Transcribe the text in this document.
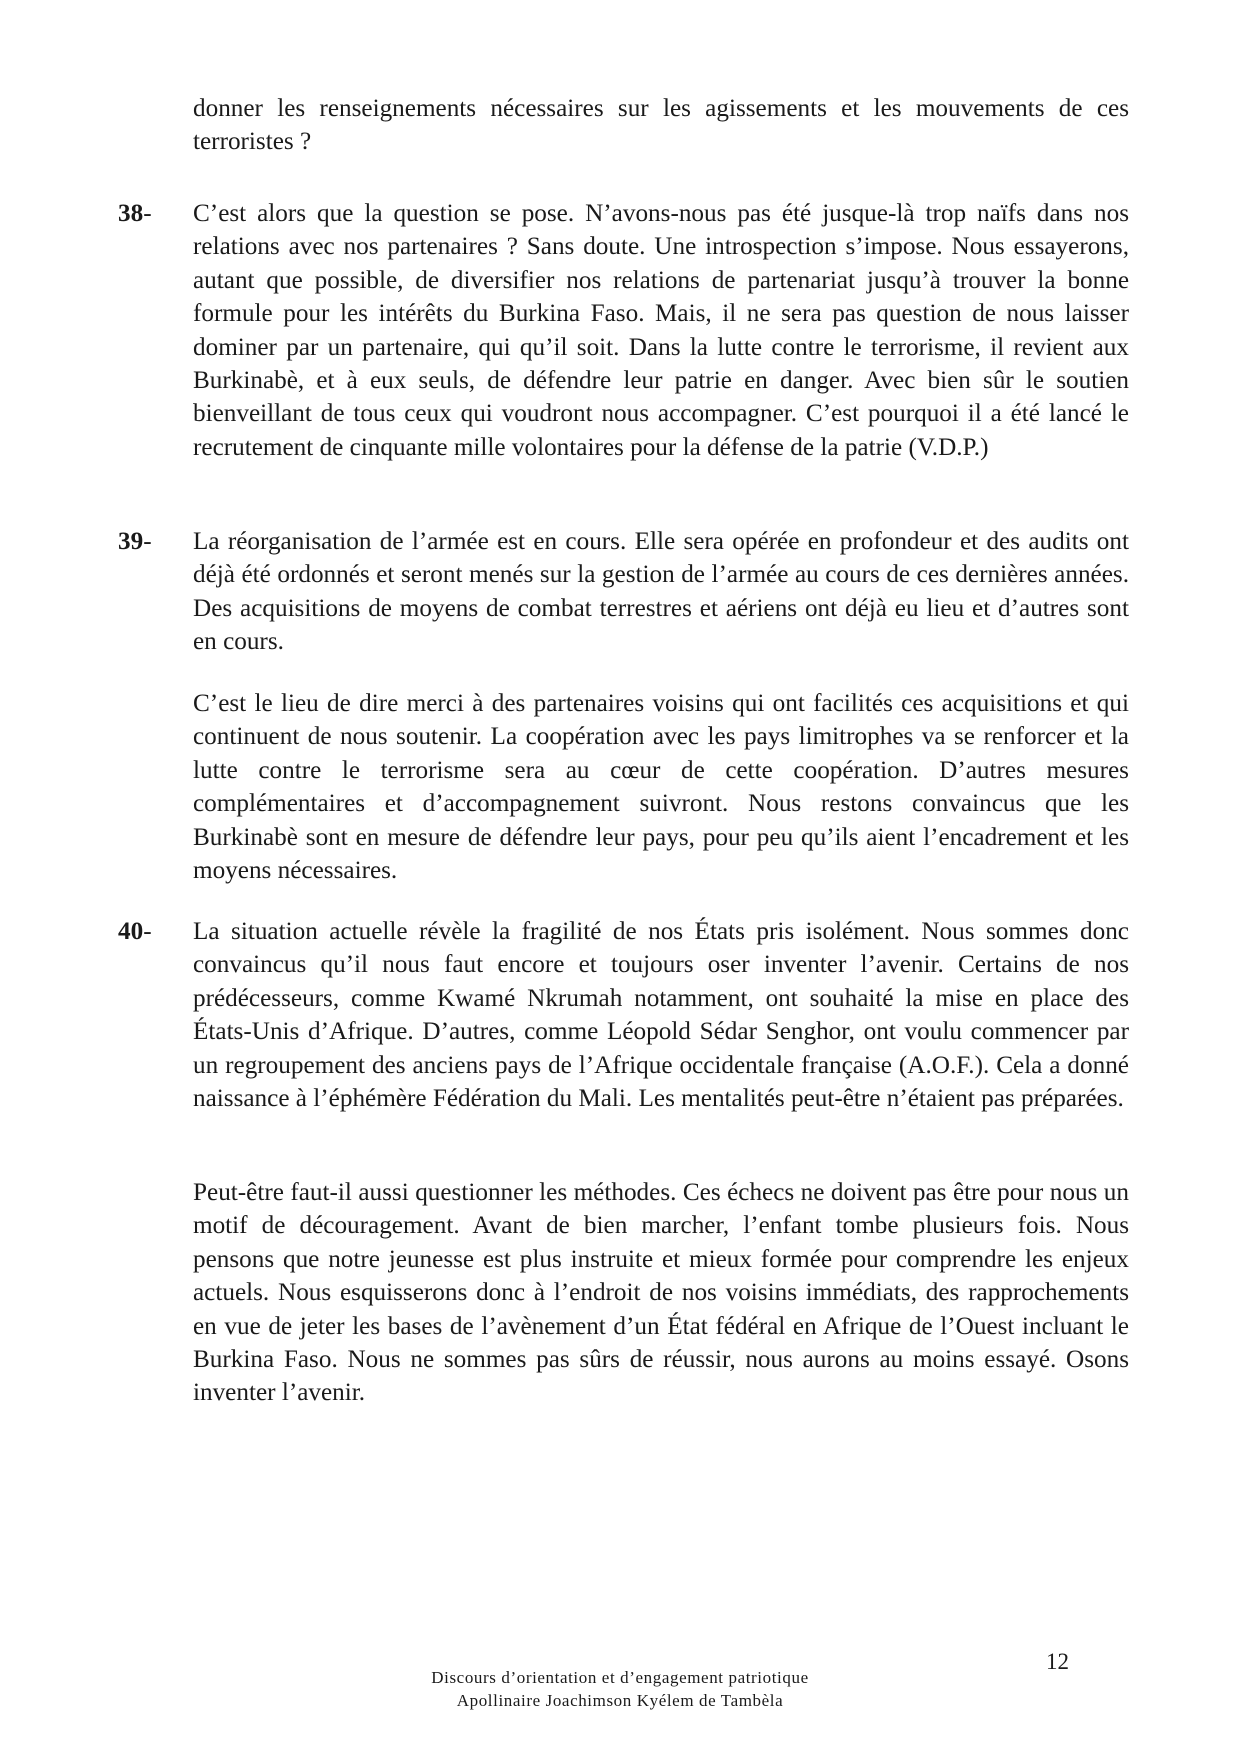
donner les renseignements nécessaires sur les agissements et les mouvements de ces terroristes ?

38- C’est alors que la question se pose. N’avons-nous pas été jusque-là trop naïfs dans nos relations avec nos partenaires ? Sans doute. Une introspection s’impose. Nous essayerons, autant que possible, de diversifier nos relations de partenariat jusqu’à trouver la bonne formule pour les intérêts du Burkina Faso. Mais, il ne sera pas question de nous laisser dominer par un partenaire, qui qu’il soit. Dans la lutte contre le terrorisme, il revient aux Burkinabè, et à eux seuls, de défendre leur patrie en danger. Avec bien sûr le soutien bienveillant de tous ceux qui voudront nous accompagner. C’est pourquoi il a été lancé le recrutement de cinquante mille volontaires pour la défense de la patrie (V.D.P.)

39- La réorganisation de l’armée est en cours. Elle sera opérée en profondeur et des audits ont déjà été ordonnés et seront menés sur la gestion de l’armée au cours de ces dernières années. Des acquisitions de moyens de combat terrestres et aériens ont déjà eu lieu et d’autres sont en cours.

C’est le lieu de dire merci à des partenaires voisins qui ont facilités ces acquisitions et qui continuent de nous soutenir. La coopération avec les pays limitrophes va se renforcer et la lutte contre le terrorisme sera au cœur de cette coopération. D’autres mesures complémentaires et d’accompagnement suivront. Nous restons convaincus que les Burkinabè sont en mesure de défendre leur pays, pour peu qu’ils aient l’encadrement et les moyens nécessaires.

40- La situation actuelle révèle la fragilité de nos États pris isolément. Nous sommes donc convaincus qu’il nous faut encore et toujours oser inventer l’avenir. Certains de nos prédécesseurs, comme Kwamé Nkrumah notamment, ont souhaité la mise en place des États-Unis d’Afrique. D’autres, comme Léopold Sédar Senghor, ont voulu commencer par un regroupement des anciens pays de l’Afrique occidentale française (A.O.F.). Cela a donné naissance à l’éphémère Fédération du Mali. Les mentalités peut-être n’étaient pas préparées.

Peut-être faut-il aussi questionner les méthodes. Ces échecs ne doivent pas être pour nous un motif de découragement. Avant de bien marcher, l’enfant tombe plusieurs fois. Nous pensons que notre jeunesse est plus instruite et mieux formée pour comprendre les enjeux actuels. Nous esquisserons donc à l’endroit de nos voisins immédiats, des rapprochements en vue de jeter les bases de l’avènement d’un État fédéral en Afrique de l’Ouest incluant le Burkina Faso. Nous ne sommes pas sûrs de réussir, nous aurons au moins essayé. Osons inventer l’avenir.

Discours d’orientation et d’engagement patriotique
Apollinaire Joachimson Kyélem de Tambèla
12
